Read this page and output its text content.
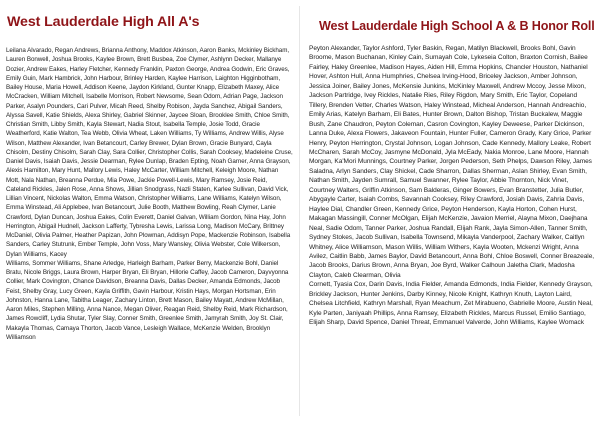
West Lauderdale High All A's
Leilana Alvarado, Regan Andrews, Brianna Anthony, Maddox Atkinson, Aaron Banks, Mckinley Bickham, Lauren Bonwell, Joshua Brooks, Kaylee Brown, Brett Busbea, Zoe Clymer, Ashlynn Decker, Mallanye Dozier, Andrew Eakes, Harley Fletcher, Kennedy Franklin, Paxton George, Andrea Godwin, Eric Graves, Emily Guin, Mark Hambrick, John Harbour, Brinley Harden, Kaylee Harrison, Laighton Higginbotham, Bailey House, Maria Howell, Addison Keene, Jaydon Kirkland, Gunter Knapp, Elizabeth Maxey, Alice McCracken, William Mitchell, Isabelle Morrison, Robert Newsome, Sean Odom, Adrian Page, Jackson Parker, Asalyn Pounders, Cari Pulver, Micah Reed, Shelby Robison, Jayda Sanchez, Abigail Sanders, Alyssa Savell, Katie Shields, Alexa Shirley, Gabriel Skinner, Jaycee Sloan, Brooklee Smith, Chloe Smith, Christian Smith, Libby Smith, Kayla Stewart, Nadia Stout, Isabella Temple, Josie Todd, Gracie Weatherford, Katie Walton, Tea Webb, Olivia Wheat, Laken Williams, Ty Williams, Andrew Willis, Alyse Wilson, Matthew Alexander, Ivan Betancourt, Carley Brewer, Dylan Brown, Gracie Bunyard, Cayla Chisolm, Destiny Chisolm, Sarah Clay, Sara Collier, Christopher Collis, Sarah Cooksey, Madeleine Cruse, Daniel Davis, Isaiah Davis, Jessie Dearman, Rylee Dunlap, Braden Epting, Noah Garner, Anna Grayson, Alexis Hamilton, Mary Hunt, Mallory Lewis, Haley McCarter, William Mitchell, Keleigh Moore, Nathan Mott, Nala Nathan, Breanna Perdue, Mia Powe, Jackie Powell-Lewis, Mary Ramsey, Josie Reid, Cateland Rickles, Jalen Rose, Anna Shows, Jillian Snodgrass, Nazli Staten, Karlee Sullivan, David Vick, Lillian Vincent, Nickolas Walton, Emma Watson, Christopher Williams, Lane Williams, Katelyn Wilson, Emma Winstead, Ali Applebee, Ivan Betancourt, Julie Booth, Matthew Bowling, Reah Clymer, Lanie Crawford, Dylan Duncan, Joshua Eakes, Colin Everett, Daniel Galvan, William Gordon, Nina Hay, John Herrington, Abigail Hudnell, Jackson Lafferty, Tybresha Lewis, Larissa Long, Madison McCary, Brittney McDaniel, Olivia Palmer, Heather Papizan, John Plowman, Addisyn Pope, Mackenzie Robinson, Isabella Sanders, Carley Stutrunk, Ember Temple, John Voss, Mary Wansley, Olivia Webster, Cole Wilkerson, Dylan Williams, Kacey
Williams, Sommer Williams, Shane Arledge, Harleigh Barham, Parker Berry, Mackenzie Bohl, Daniel Bratu, Nicole Briggs, Laura Brown, Harper Bryan, Eli Bryan, Hillorie Caffey, Jacob Cameron, Dayvyonna Collier, Mark Covington, Chance Davidson, Breanna Davis, Dallas Decker, Amanda Edmonds, Jacob Feist, Shelby Gray, Lucy Green, Kayla Griffith, Gavin Harbour, Kristin Hays, Morgan Hortsman, Erin Johnston, Hanna Lane, Tabitha Leager, Zachary Linton, Brett Mason, Bailey Mayatt, Andrew McMillan, Aaron Miles, Stephen Milling, Anna Nance, Megan Oliver, Reagan Reid, Shelby Reid, Mark Richardson, James Rowcliff, Lydia Shutar, Tyler Slay, Conner Smith, Greenlee Smith, Jamyrah Smith, Joy St. Clair, Makayla Thomas, Camaya Thorton, Jacob Vance, Lesleigh Wallace, McKenzie Welden, Brooklyn Williamson
West Lauderdale High School A & B Honor Roll
Peyton Alexander, Taylor Ashford, Tyler Baskin, Regan, Matilyn Blackwell, Brooks Bohl, Gavin Broome, Mason Buchanan, Kinley Cain, Sumayah Cole, Lykeseia Colton, Braxton Cornish, Bailee Fairley, Haley Greenlee, Madison Hayes, Aiden Hill, Emma Hopkins, Chancler Houston, Nathaniel Hover, Ashton Hull, Anna Humphries, Chelsea Irving-Hood, Briceley Jackson, Amber Johnson, Jessica Joiner, Bailey Jones, McKensie Junkins, McKinley Maxwell, Andrew Mccoy, Jesse Mixon, Jackson Partridge, Ivey Rickles, Natalie Ries, Riley Rigdon, Mary Smith, Eric Taylor, Copeland Tillery, Brenden Vetter, Charles Watson, Haley Winstead, Micheal Anderson, Hannah Andreachio, Emily Arias, Katelyn Barham, Eli Bates, Hunter Brown, Dalton Bishop, Tristan Buckalew, Maggie Bush, Zane Chaudron, Peyton Coleman, Casron Covington, Kayley Deweese, Parker Dickinson, Lanna Duke, Alexa Flowers, Jakaveon Fountain, Hunter Fuller, Cameron Grady, Kary Grice, Parker Henry, Peyton Herrington, Crystal Johnson, Logan Johnson, Cade Kennedy, Mallory Leake, Robert McCharen, Sarah McCoy, Jasmyne McDonald, Jyla McEady, Nakia Monroe, Lane Moore, Hannah Morgan, Ka'Mori Munnings, Courtney Parker, Jorgen Pederson, Seth Phelps, Dawson Riley, James Saladna, Arlyn Sanders, Clay Shickel, Cade Sharron, Dallas Sherman, Aslan Shirley, Evan Smith, Nathan Smith, Jayden Sumrall, Samuel Swanner, Rylee Taylor, Abbie Thornton, Nick Vinet, Courtney Walters, Griffin Atkinson, Sam Balderas, Ginger Bowers, Evan Branstetter, Julia Butler, Abygayle Carter, Isaiah Combs, Savannah Cooksey, Riley Crawford, Josiah Davis, Zahria Davis, Haylee Dial, Chandler Green, Kennedy Grice, Peyton Henderson, Kayla Horton, Cohen Hurst, Makagan Massingill, Conner McOlgan, Elijah McKenzie, Javaion Merriel, Alayna Mixon, Daejhana Neal, Sadie Odom, Tanner Parker, Joshua Randall, Elijah Rank, Jayla Simon-Allen, Tanner Smith, Sydney Stokes, Jacob Sullivan, Isabella Townsend, Mikayla Vanderpool, Zachary Walker, Caitlyn Whitney, Alice Williamson, Mason Willis, William Withers, Kayla Wooten, Mckenzi Wright, Anna Avilez, Caitlin Babb, James Baylor, David Betancourt, Anna Bohl, Chloe Boswell, Conner Breazeale, Jacob Brooks, Darius Brown, Anna Bryan, Joe Byrd, Walker Calhoun Jaletha Clark, Madosha Clayton, Caleb Clearman, Olivia
Cornett, Tyasia Cox, Darin Davis, India Fielder, Amanda Edmonds, India Fielder, Kennedy Grayson, Brickley Jackson, Hunter Jenkins, Darby Kinney, Nicole Knight, Kathryn Knuth, Layton Laird, Chelsea Litchfield, Kathryn Marshall, Ryan Meachum, Zet Mirabueno, Gabrielle Moore, Austin Neal, Kyle Parten, Janiyaah Phillips, Anna Ramsey, Elizabeth Rickles, Marcus Russel, Emilio Santiago, Elijah Sharp, David Spence, Daniel Threat, Emmanuel Valverde, John Williams, Kaylee Womack
